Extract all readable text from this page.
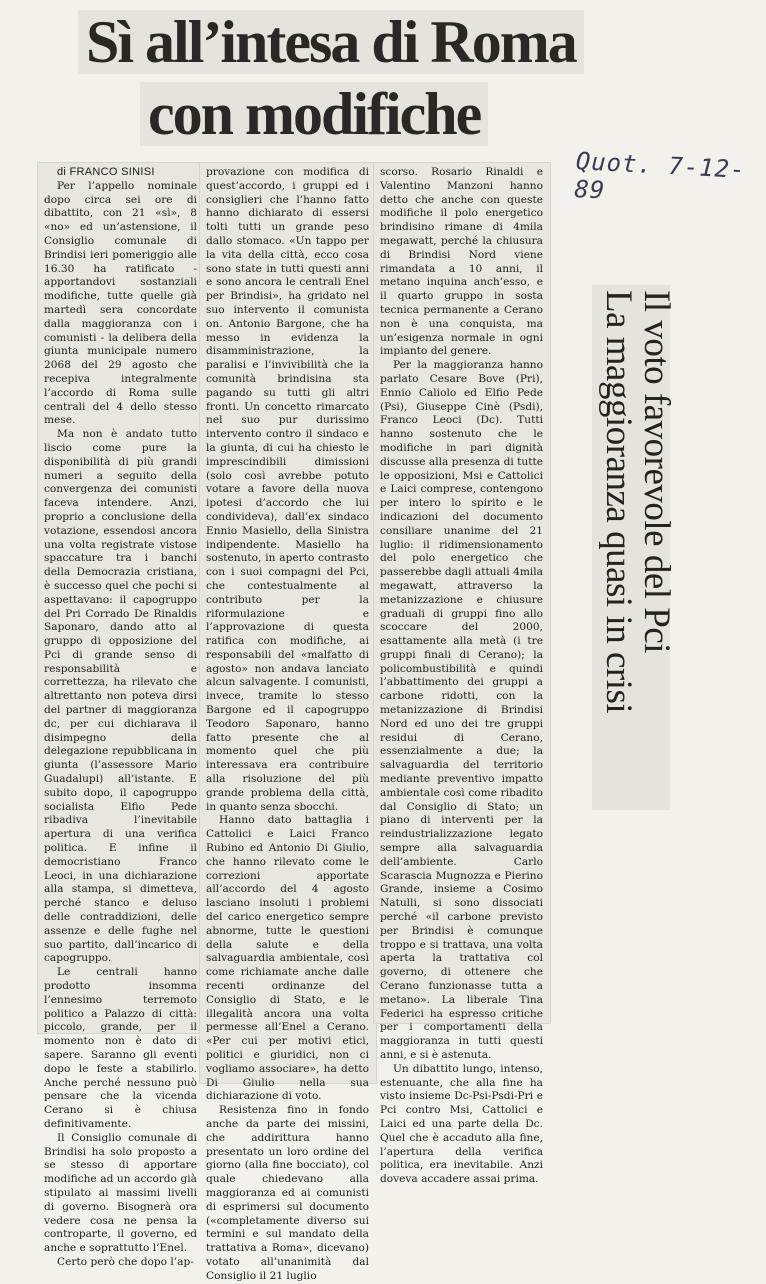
Sì all’intesa di Roma
con modifiche
Quot. 7-12-89

di FRANCO SINISI

Per l’appello nominale dopo circa sei ore di dibattito, con 21 «sì», 8 «no» ed un’astensione, il Consiglio comunale di Brindisi ieri pomeriggio alle 16.30 ha ratificato - apportandovi sostanziali modifiche, tutte quelle già martedì sera concordate dalla maggioranza con i comunisti - la delibera della giunta municipale numero 2068 del 29 agosto che recepiva integralmente l’accordo di Roma sulle centrali del 4 dello stesso mese.

Ma non è andato tutto liscio come pure la disponibilità di più grandi numeri a seguito della convergenza dei comunisti faceva intendere. Anzi, proprio a conclusione della votazione, essendosi ancora una volta registrate vistose spaccature tra i banchi della Democrazia cristiana, è successo quel che pochi si aspettavano: il capogruppo del Pri Corrado De Rinaldis Saponaro, dando atto al gruppo di opposizione del Pci di grande senso di responsabilità e correttezza, ha rilevato che altrettanto non poteva dirsi del partner di maggioranza dc, per cui dichiarava il disimpegno della delegazione repubblicana in giunta (l’assessore Mario Guadalupi) all’istante. E subito dopo, il capogruppo socialista Elfio Pede ribadiva l’inevitabile apertura di una verifica politica. E infine il democristiano Franco Leoci, in una dichiarazione alla stampa, si dimetteva, perché stanco e deluso delle contraddizioni, delle assenze e delle fughe nel suo partito, dall’incarico di capogruppo.

Le centrali hanno prodotto insomma l’ennesimo terremoto politico a Palazzo di città: piccolo, grande, per il momento non è dato di sapere. Saranno gli eventi dopo le feste a stabilirlo. Anche perché nessuno può pensare che la vicenda Cerano si è chiusa definitivamente.

Il Consiglio comunale di Brindisi ha solo proposto a se stesso di apportare modifiche ad un accordo già stipulato ai massimi livelli di governo. Bisognerà ora vedere cosa ne pensa la controparte, il governo, ed anche e soprattutto l’Enel.

Certo però che dopo l’ap-

provazione con modifica di quest’accordo, i gruppi ed i consiglieri che l’hanno fatto hanno dichiarato di essersi tolti tutti un grande peso dallo stomaco. «Un tappo per la vita della città, ecco cosa sono state in tutti questi anni e sono ancora le centrali Enel per Brindisi», ha gridato nel suo intervento il comunista on. Antonio Bargone, che ha messo in evidenza la disamministrazione, la paralisi e l’invivibilità che la comunità brindisina sta pagando su tutti gli altri fronti. Un concetto rimarcato nel suo pur durissimo intervento contro il sindaco e la giunta, di cui ha chiesto le imprescindibili dimissioni (solo così avrebbe potuto votare a favore della nuova ipotesi d’accordo che lui condivideva), dall’ex sindaco Ennio Masiello, della Sinistra indipendente. Masiello ha sostenuto, in aperto contrasto con i suoi compagni del Pci, che contestualmente al contributo per la riformulazione e l’approvazione di questa ratifica con modifiche, ai responsabili del «malfatto di agosto» non andava lanciato alcun salvagente. I comunisti, invece, tramite lo stesso Bargone ed il capogruppo Teodoro Saponaro, hanno fatto presente che al momento quel che più interessava era contribuire alla risoluzione del più grande problema della città, in quanto senza sbocchi.

Hanno dato battaglia i Cattolici e Laici Franco Rubino ed Antonio Di Giulio, che hanno rilevato come le correzioni apportate all’accordo del 4 agosto lasciano insoluti i problemi del carico energetico sempre abnorme, tutte le questioni della salute e della salvaguardia ambientale, così come richiamate anche dalle recenti ordinanze del Consiglio di Stato, e le illegalità ancora una volta permesse all’Enel a Cerano. «Per cui per motivi etici, politici e giuridici, non ci vogliamo associare», ha detto Di Giulio nella sua dichiarazione di voto.

Resistenza fino in fondo anche da parte dei missini, che addirittura hanno presentato un loro ordine del giorno (alla fine bocciato), col quale chiedevano alla maggioranza ed ai comunisti di esprimersi sul documento («completamente diverso sui termini e sul mandato della trattativa a Roma», dicevano) votato all’unanimità dal Consiglio il 21 luglio

scorso. Rosario Rinaldi e Valentino Manzoni hanno detto che anche con queste modifiche il polo energetico brindisino rimane di 4mila megawatt, perché la chiusura di Brindisi Nord viene rimandata a 10 anni, il metano inquina anch’esso, e il quarto gruppo in sosta tecnica permanente a Cerano non è una conquista, ma un’esigenza normale in ogni impianto del genere.

Per la maggioranza hanno parlato Cesare Bove (Pri), Ennio Caliolo ed Elfio Pede (Psi), Giuseppe Cinè (Psdi), Franco Leoci (Dc). Tutti hanno sostenuto che le modifiche in pari dignità discusse alla presenza di tutte le opposizioni, Msi e Cattolici e Laici comprese, contengono per intero lo spirito e le indicazioni del documento consiliare unanime del 21 luglio: il ridimensionamento del polo energetico che passerebbe dagli attuali 4mila megawatt, attraverso la metanizzazione e chiusure graduali di gruppi fino allo scoccare del 2000, esattamente alla metà (i tre gruppi finali di Cerano); la policombustibilità e quindi l’abbattimento dei gruppi a carbone ridotti, con la metanizzazione di Brindisi Nord ed uno dei tre gruppi residui di Cerano, essenzialmente a due; la salvaguardia del territorio mediante preventivo impatto ambientale così come ribadito dal Consiglio di Stato; un piano di interventi per la reindustrializzazione legato sempre alla salvaguardia dell’ambiente. Carlo Scarascia Mugnozza e Pierino Grande, insieme a Cosimo Natulli, si sono dissociati perché «il carbone previsto per Brindisi è comunque troppo e si trattava, una volta aperta la trattativa col governo, di ottenere che Cerano funzionasse tutta a metano». La liberale Tina Federici ha espresso critiche per i comportamenti della maggioranza in tutti questi anni, e si è astenuta.

Un dibattito lungo, intenso, estenuante, che alla fine ha visto insieme Dc-Psi-Psdi-Pri e Pci contro Msi, Cattolici e Laici ed una parte della Dc. Quel che è accaduto alla fine, l’apertura della verifica politica, era inevitabile. Anzi doveva accadere assai prima.

Il voto favorevole del Pci
La maggioranza quasi in crisi
